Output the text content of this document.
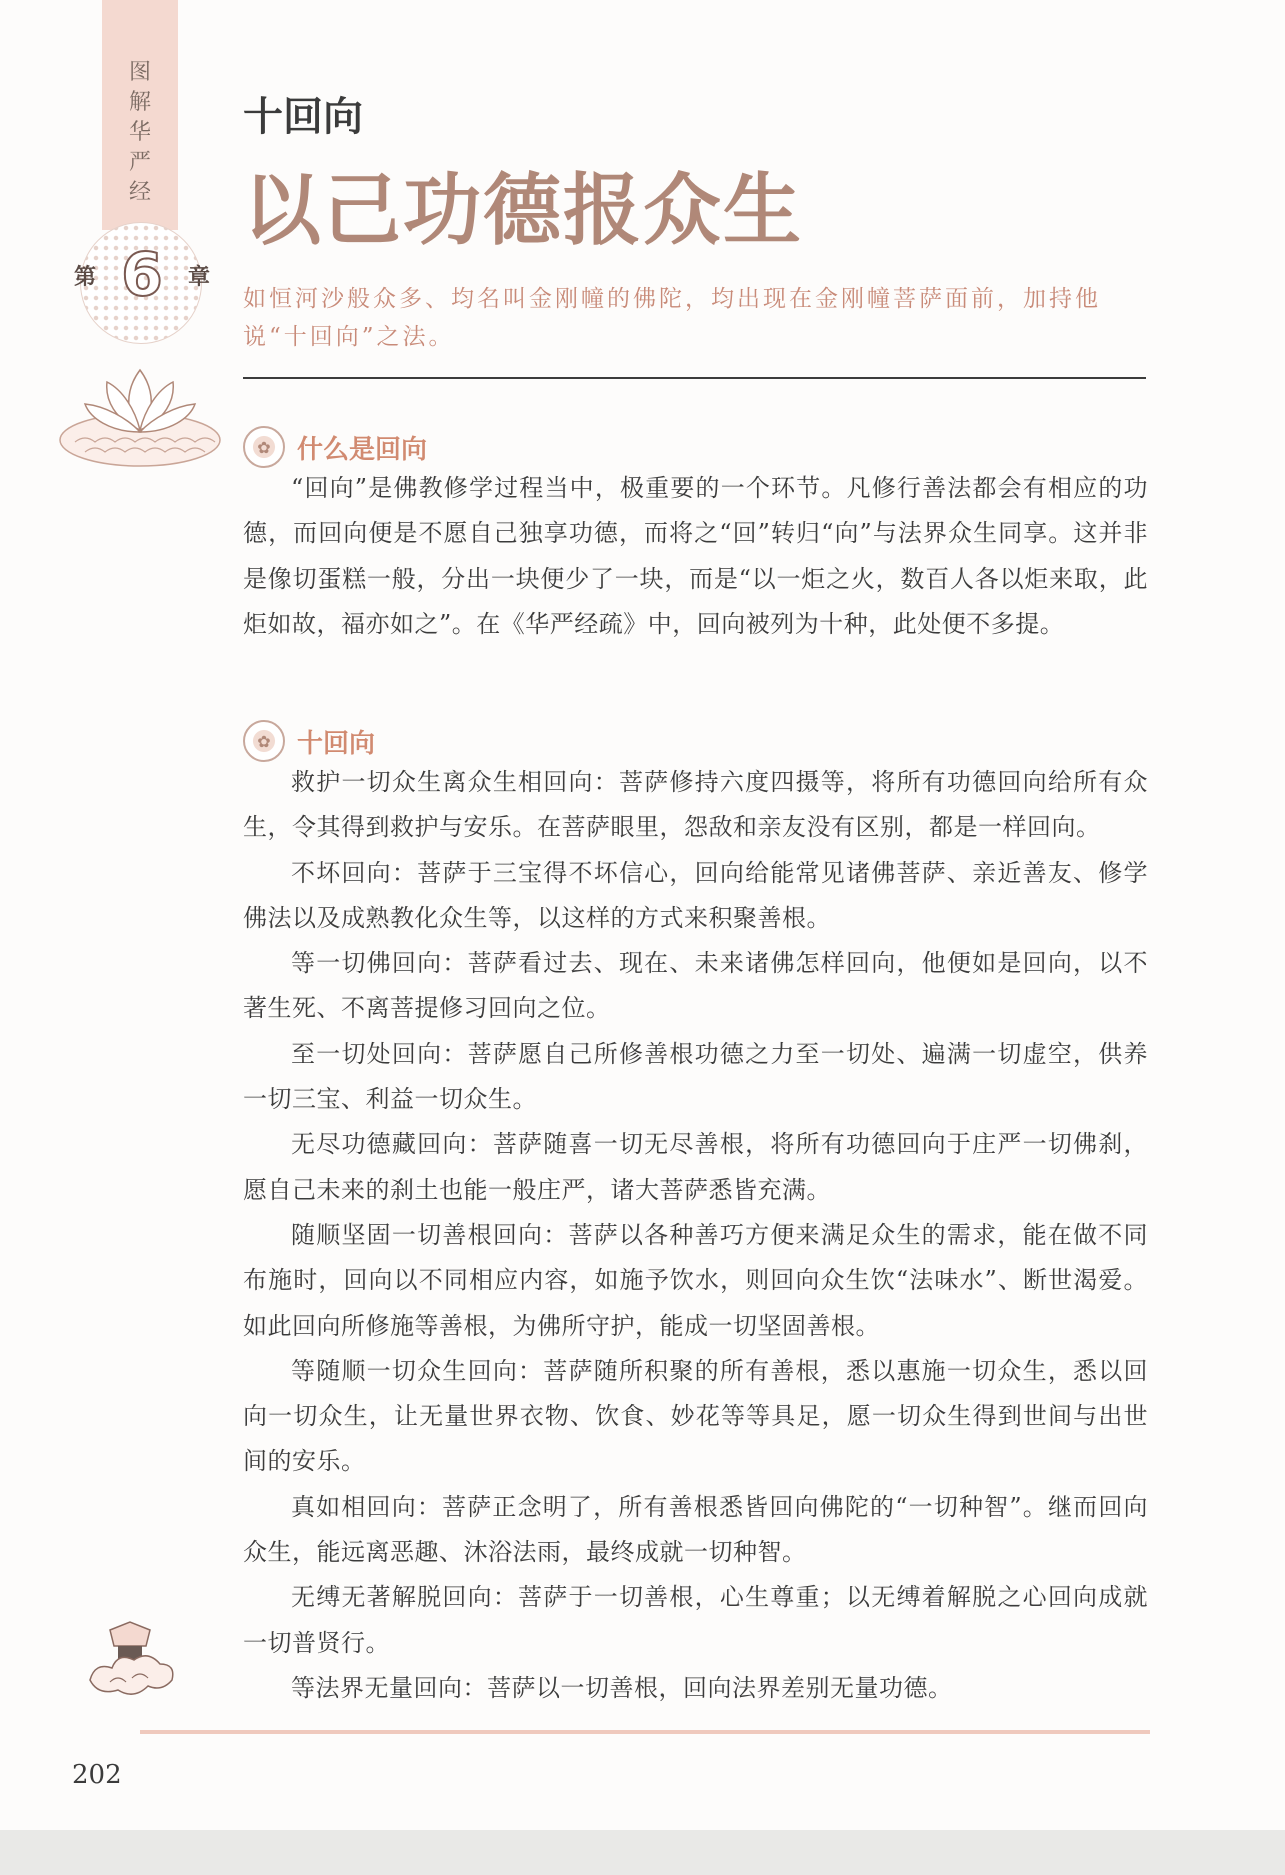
图
解
华
严
经
第 6 章
十回向
以己功德报众生
如恒河沙般众多、均名叫金刚幢的佛陀，均出现在金刚幢菩萨面前，加持他说“十回向”之法。
✿	什么是回向

“回向”是佛教修学过程当中，极重要的一个环节。凡修行善法都会有相应的功德，而回向便是不愿自己独享功德，而将之“回”转归“向”与法界众生同享。这并非是像切蛋糕一般，分出一块便少了一块，而是“以一炬之火，数百人各以炬来取，此炬如故，福亦如之”。在《华严经疏》中，回向被列为十种，此处便不多提。

✿	十回向

救护一切众生离众生相回向：菩萨修持六度四摄等，将所有功德回向给所有众生，令其得到救护与安乐。在菩萨眼里，怨敌和亲友没有区别，都是一样回向。

不坏回向：菩萨于三宝得不坏信心，回向给能常见诸佛菩萨、亲近善友、修学佛法以及成熟教化众生等，以这样的方式来积聚善根。

等一切佛回向：菩萨看过去、现在、未来诸佛怎样回向，他便如是回向，以不著生死、不离菩提修习回向之位。

至一切处回向：菩萨愿自己所修善根功德之力至一切处、遍满一切虚空，供养一切三宝、利益一切众生。

无尽功德藏回向：菩萨随喜一切无尽善根，将所有功德回向于庄严一切佛刹，愿自己未来的刹土也能一般庄严，诸大菩萨悉皆充满。

随顺坚固一切善根回向：菩萨以各种善巧方便来满足众生的需求，能在做不同布施时，回向以不同相应内容，如施予饮水，则回向众生饮“法味水”、断世渴爱。如此回向所修施等善根，为佛所守护，能成一切坚固善根。

等随顺一切众生回向：菩萨随所积聚的所有善根，悉以惠施一切众生，悉以回向一切众生，让无量世界衣物、饮食、妙花等等具足，愿一切众生得到世间与出世间的安乐。

真如相回向：菩萨正念明了，所有善根悉皆回向佛陀的“一切种智”。继而回向众生，能远离恶趣、沐浴法雨，最终成就一切种智。

无缚无著解脱回向：菩萨于一切善根，心生尊重；以无缚着解脱之心回向成就一切普贤行。

等法界无量回向：菩萨以一切善根，回向法界差别无量功德。

202
